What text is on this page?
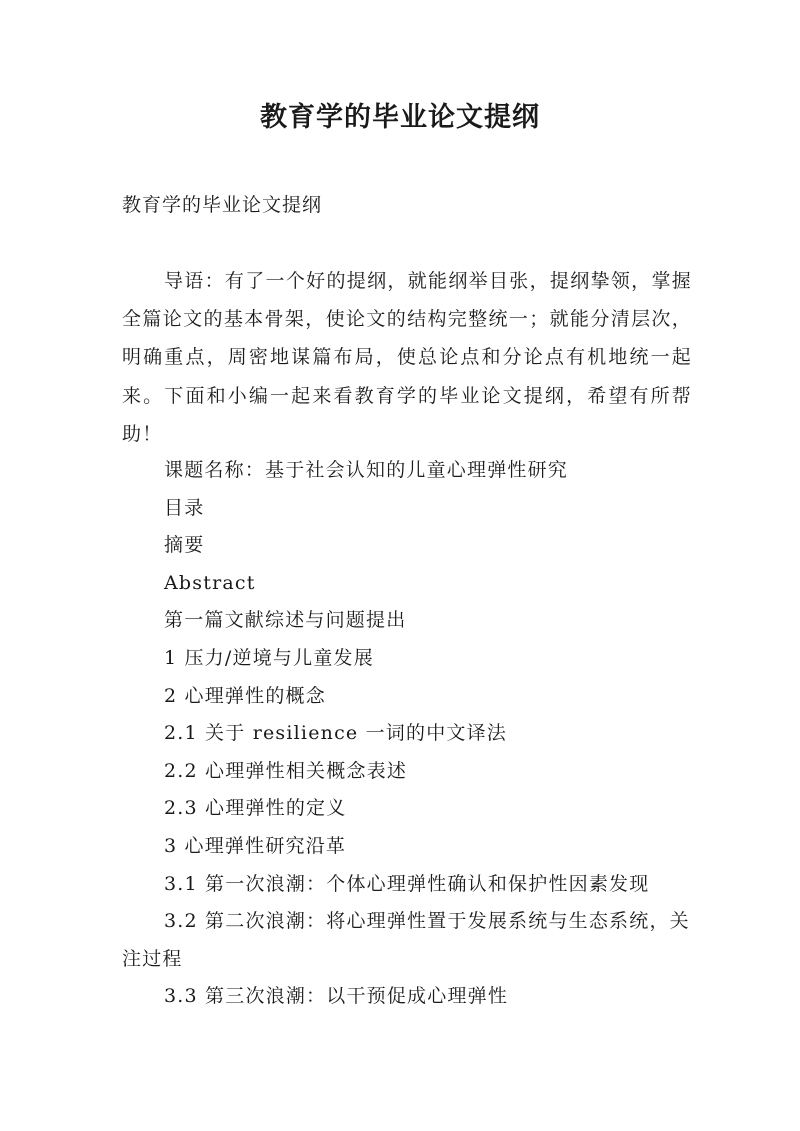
教育学的毕业论文提纲
教育学的毕业论文提纲

导语：有了一个好的提纲，就能纲举目张，提纲挚领，掌握全篇论文的基本骨架，使论文的结构完整统一；就能分清层次，明确重点，周密地谋篇布局，使总论点和分论点有机地统一起来。下面和小编一起来看教育学的毕业论文提纲，希望有所帮助！

课题名称：基于社会认知的儿童心理弹性研究
目录
摘要
Abstract
第一篇文献综述与问题提出
1 压力/逆境与儿童发展
2 心理弹性的概念
2.1 关于 resilience 一词的中文译法
2.2 心理弹性相关概念表述
2.3 心理弹性的定义
3 心理弹性研究沿革
3.1 第一次浪潮：个体心理弹性确认和保护性因素发现
3.2 第二次浪潮：将心理弹性置于发展系统与生态系统，关注过程
3.3 第三次浪潮：以干预促成心理弹性
